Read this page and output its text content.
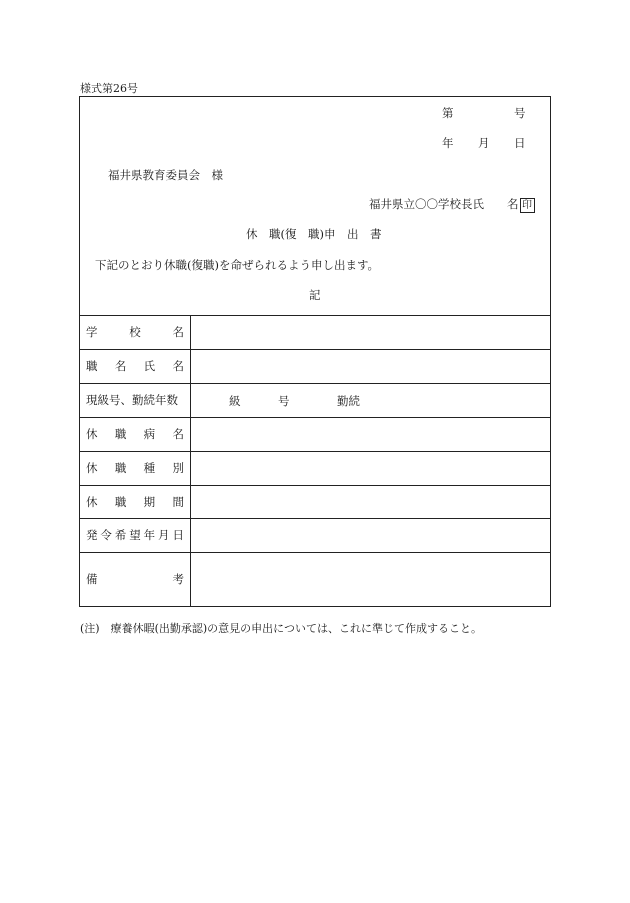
様式第26号
第	号
年 月 日
福井県教育委員会　様
福井県立〇〇学校長氏　　名 印
休　職(復　職)申　出　書
下記のとおり休職(復職)を命ぜられるよう申し出ます。
記
学	校	名
職 名 氏 名
現級号、勤続年数	級	号	勤続
休 職 病 名
休 職 種 別
休 職 期 間
発 令 希 望 年 月 日
備	考
(注)　療養休暇(出勤承認)の意見の申出については、これに準じて作成すること。
